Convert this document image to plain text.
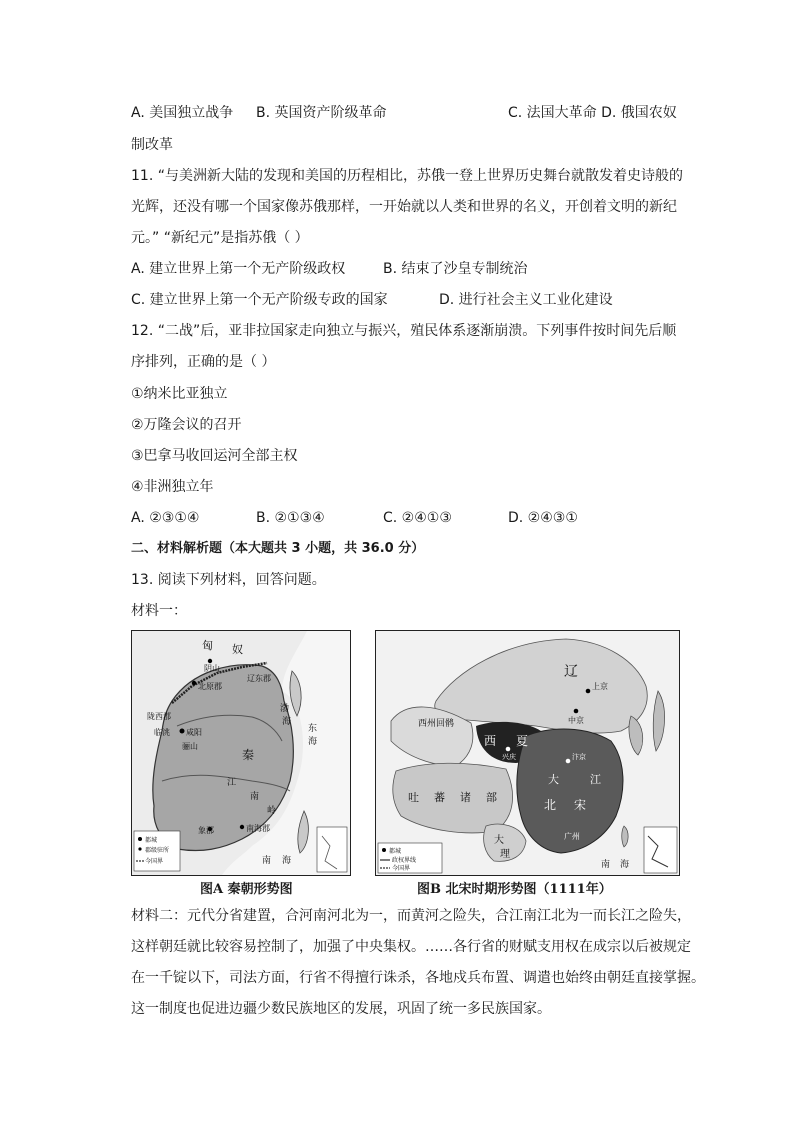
A. 美国独立战争 B. 英国资产阶级革命	C. 法国大革命 D. 俄国农奴
制改革
11. “与美洲新大陆的发现和美国的历程相比，苏俄一登上世界历史舞台就散发着史诗般的
光辉，还没有哪一个国家像苏俄那样，一开始就以人类和世界的名义，开创着文明的新纪
元。” “新纪元”是指苏俄（ ）
A. 建立世界上第一个无产阶级政权	B. 结束了沙皇专制统治
C. 建立世界上第一个无产阶级专政的国家	D. 进行社会主义工业化建设
12. “二战”后，亚非拉国家走向独立与振兴，殖民体系逐渐崩溃。下列事件按时间先后顺
序排列，正确的是（ ）
①纳米比亚独立
②万隆会议的召开
③巴拿马收回运河全部主权
④非洲独立年
A. ②③①④	B. ②①③④	C. ②④①③	D. ②④③①
二、材料解析题（本大题共 3 小题，共 36.0 分）
13. 阅读下列材料，回答问题。
材料一：
匈 奴
阴山
北原郡
辽东郡
渤
海
陇西郡
咸阳
骊山
临洮
秦
江
南
岭
象郡	南海郡
东
海
南 海
都城
郡级驻所
今国界
辽
上京
中京
西州回鹘
西 夏
兴庆	汴京
大
北 宋
江
广州
吐 蕃 诸 部
大
理
南 海
都城
政权界线
今国界
图A 秦朝形势图	图B 北宋时期形势图（1111年）
材料二：元代分省建置，合河南河北为一，而黄河之险失，合江南江北为一而长江之险失，
这样朝廷就比较容易控制了，加强了中央集权。……各行省的财赋支用权在成宗以后被规定
在一千锭以下，司法方面，行省不得擅行诛杀，各地戍兵布置、调遣也始终由朝廷直接掌握。
这一制度也促进边疆少数民族地区的发展，巩固了统一多民族国家。
